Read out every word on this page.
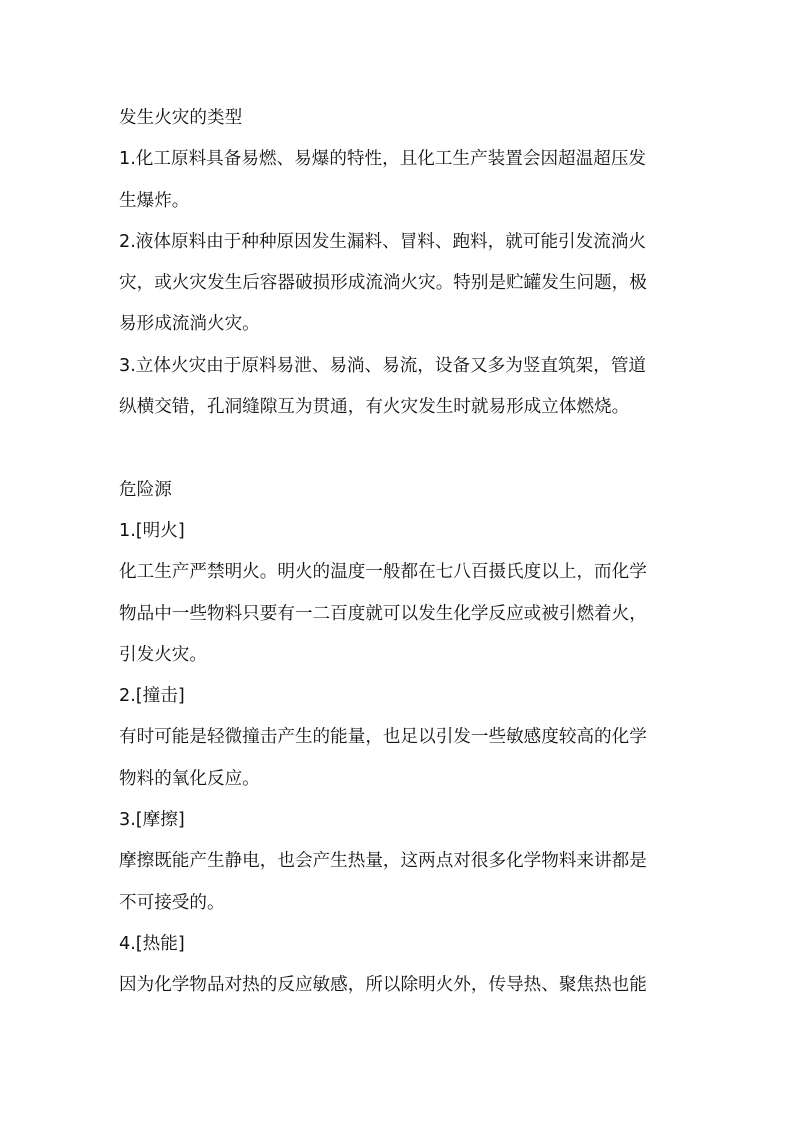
发生火灾的类型
1.化工原料具备易燃、易爆的特性，且化工生产装置会因超温超压发
生爆炸。
2.液体原料由于种种原因发生漏料、冒料、跑料，就可能引发流淌火
灾，或火灾发生后容器破损形成流淌火灾。特别是贮罐发生问题，极
易形成流淌火灾。
3.立体火灾由于原料易泄、易淌、易流，设备又多为竖直筑架，管道
纵横交错，孔洞缝隙互为贯通，有火灾发生时就易形成立体燃烧。
危险源
1.[明火]
化工生产严禁明火。明火的温度一般都在七八百摄氏度以上，而化学
物品中一些物料只要有一二百度就可以发生化学反应或被引燃着火，
引发火灾。
2.[撞击]
有时可能是轻微撞击产生的能量，也足以引发一些敏感度较高的化学
物料的氧化反应。
3.[摩擦]
摩擦既能产生静电，也会产生热量，这两点对很多化学物料来讲都是
不可接受的。
4.[热能]
因为化学物品对热的反应敏感，所以除明火外，传导热、聚焦热也能
